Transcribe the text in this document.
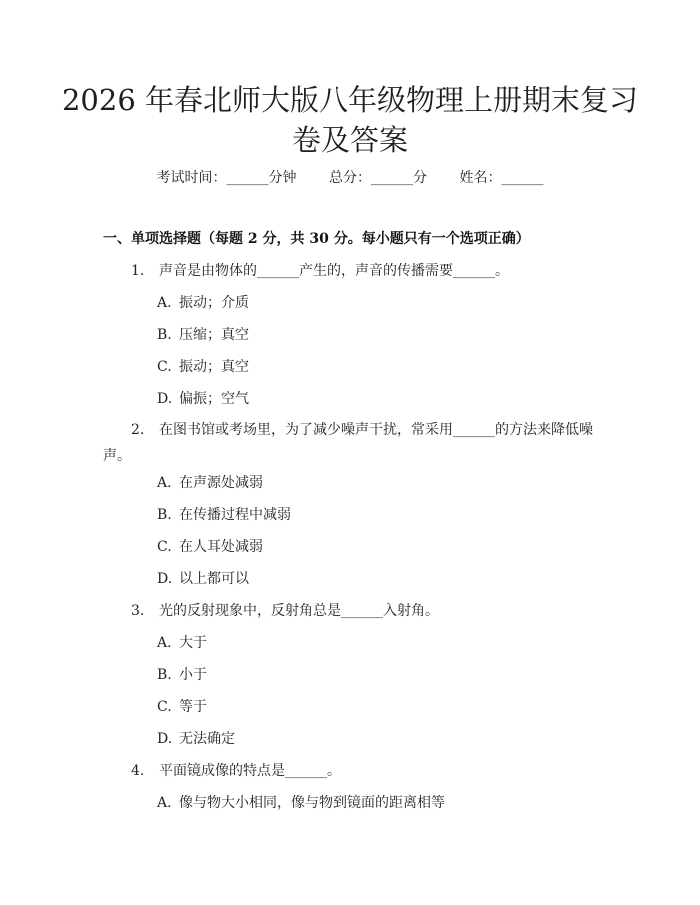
2026 年春北师大版八年级物理上册期末复习
卷及答案
考试时间：______分钟 总分：______分 姓名：______
一、单项选择题（每题 2 分，共 30 分。每小题只有一个选项正确）
1. 声音是由物体的______产生的，声音的传播需要______。
A. 振动；介质
B. 压缩；真空
C. 振动；真空
D. 偏振；空气
2. 在图书馆或考场里，为了减少噪声干扰，常采用______的方法来降低噪声。
A. 在声源处减弱
B. 在传播过程中减弱
C. 在人耳处减弱
D. 以上都可以
3. 光的反射现象中，反射角总是______入射角。
A. 大于
B. 小于
C. 等于
D. 无法确定
4. 平面镜成像的特点是______。
A. 像与物大小相同，像与物到镜面的距离相等
